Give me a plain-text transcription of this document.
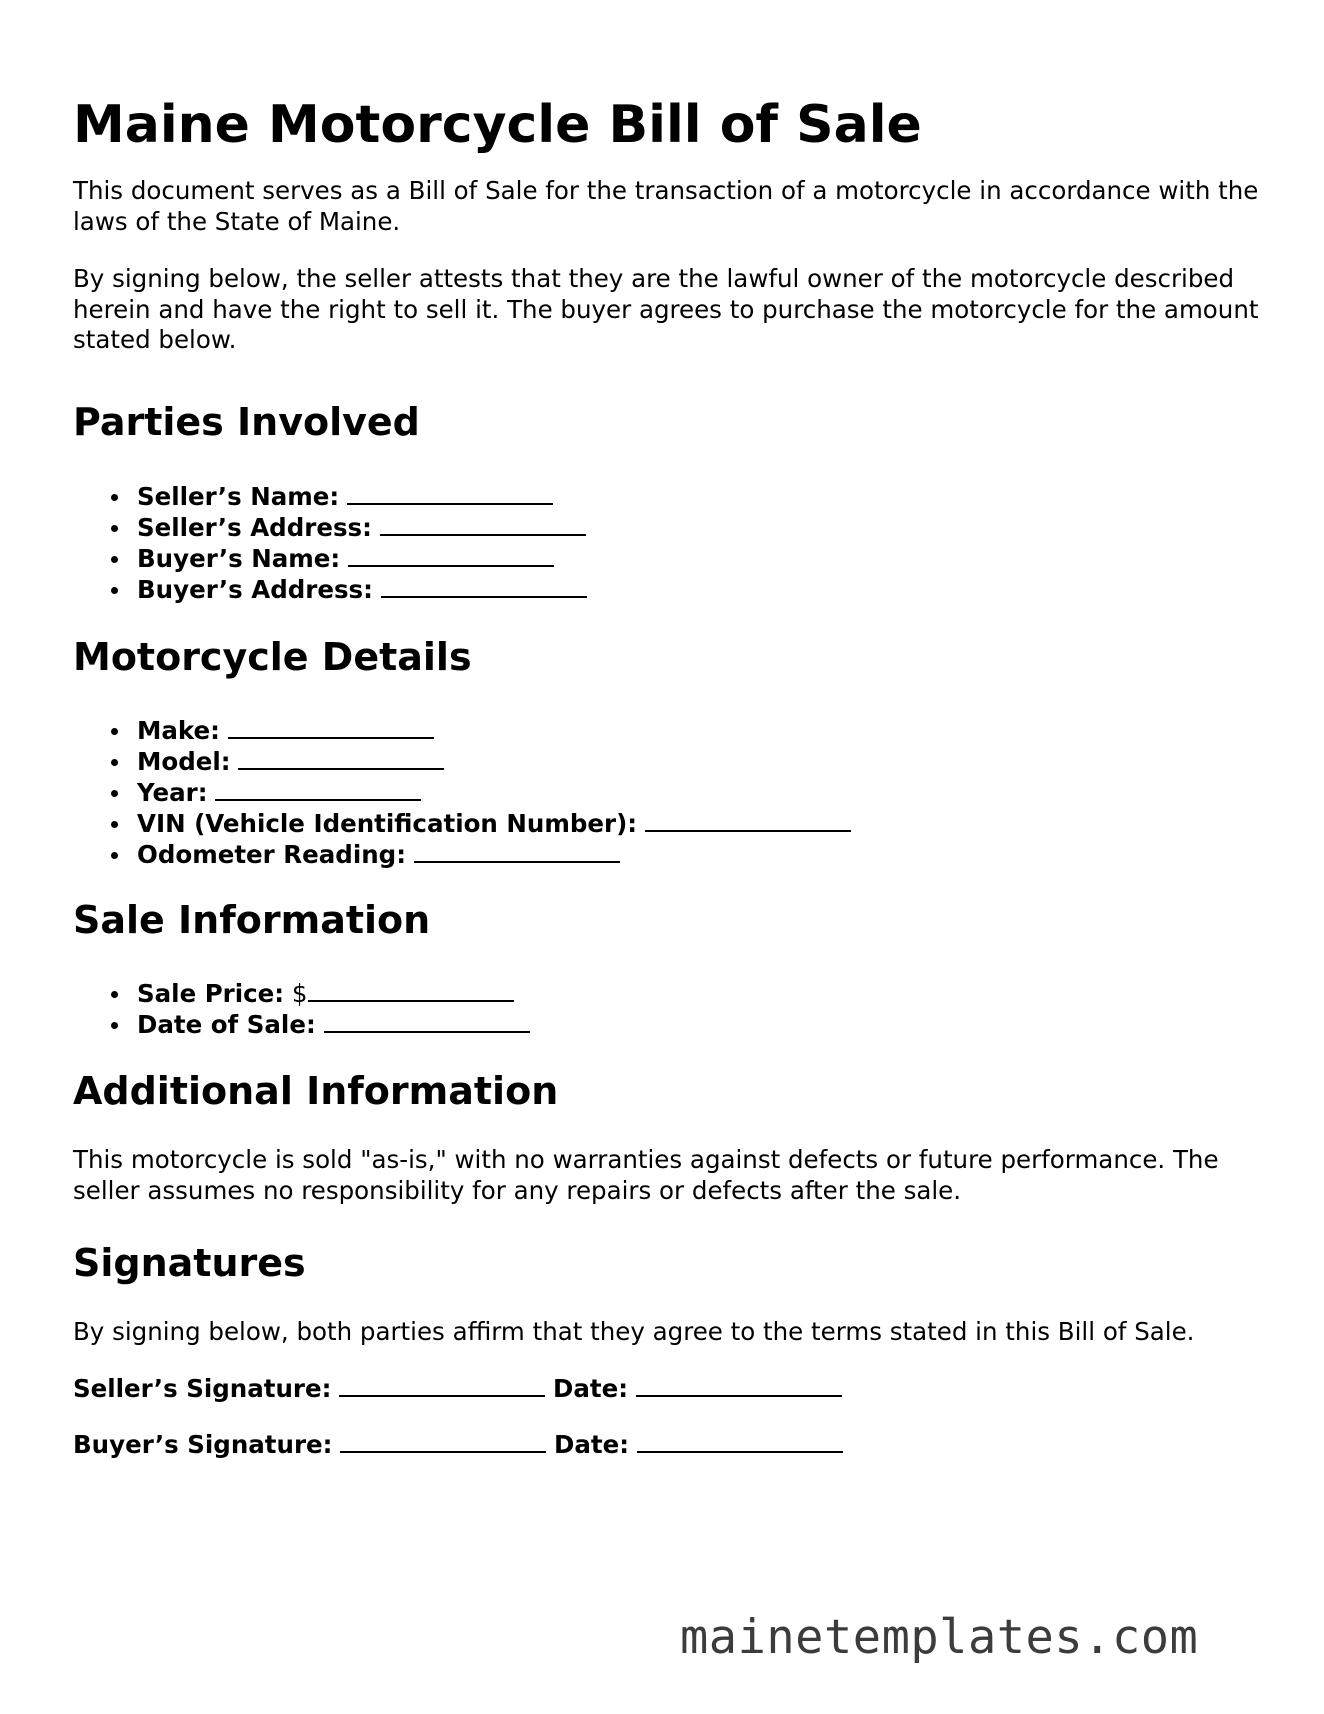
Maine Motorcycle Bill of Sale

This document serves as a Bill of Sale for the transaction of a motorcycle in accordance with the laws of the State of Maine.

By signing below, the seller attests that they are the lawful owner of the motorcycle described herein and have the right to sell it. The buyer agrees to purchase the motorcycle for the amount stated below.

Parties Involved
Seller’s Name:
Seller’s Address:
Buyer’s Name:
Buyer’s Address:
Motorcycle Details
Make:
Model:
Year:
VIN (Vehicle Identification Number):
Odometer Reading:
Sale Information
Sale Price: $
Date of Sale:
Additional Information

This motorcycle is sold "as-is," with no warranties against defects or future performance. The seller assumes no responsibility for any repairs or defects after the sale.

Signatures

By signing below, both parties affirm that they agree to the terms stated in this Bill of Sale.

Seller’s Signature:	Date:
Buyer’s Signature:	Date:
mainetemplates.com
